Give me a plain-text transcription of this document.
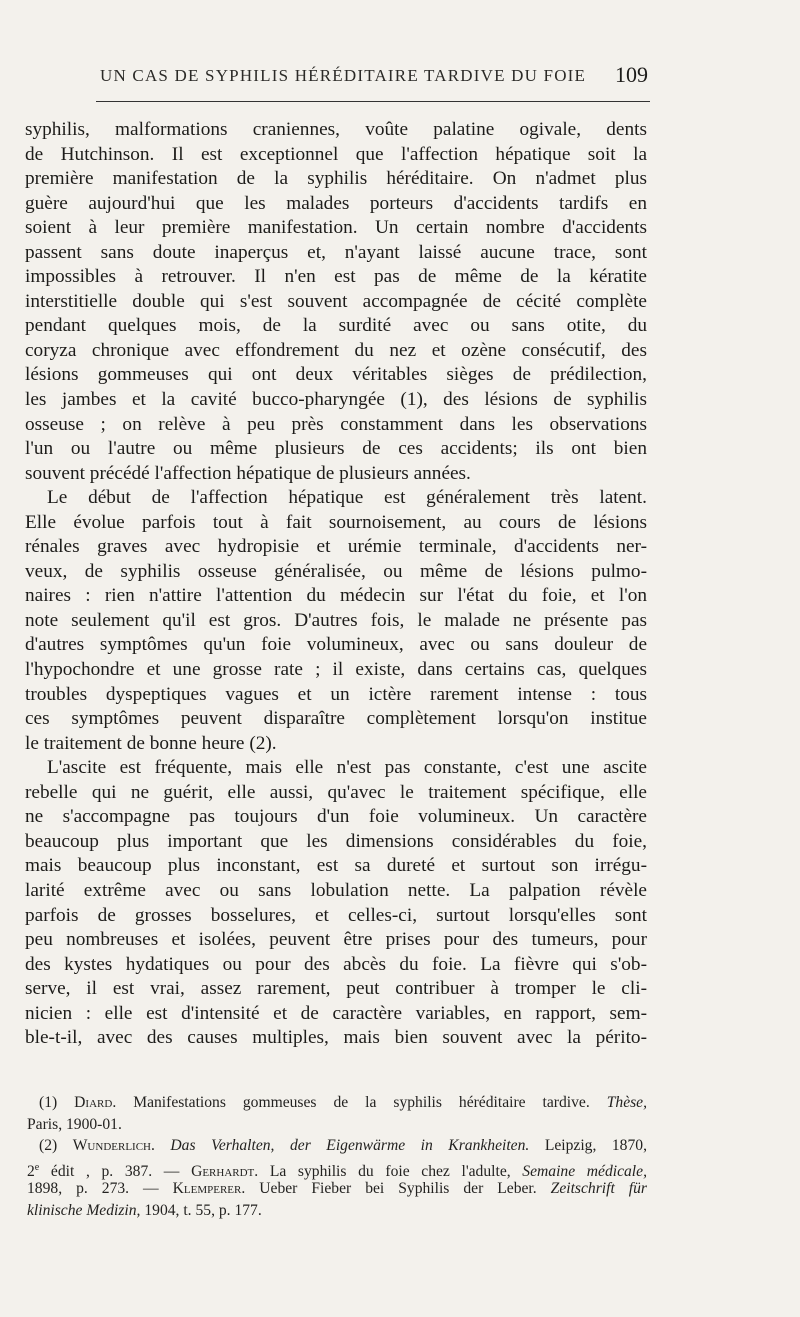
UN CAS DE SYPHILIS HÉRÉDITAIRE TARDIVE DU FOIE 109
syphilis, malformations craniennes, voûte palatine ogivale, dents
de Hutchinson. Il est exceptionnel que l'affection hépatique soit la
première manifestation de la syphilis héréditaire. On n'admet plus
guère aujourd'hui que les malades porteurs d'accidents tardifs en
soient à leur première manifestation. Un certain nombre d'accidents
passent sans doute inaperçus et, n'ayant laissé aucune trace, sont
impossibles à retrouver. Il n'en est pas de même de la kératite
interstitielle double qui s'est souvent accompagnée de cécité complète
pendant quelques mois, de la surdité avec ou sans otite, du
coryza chronique avec effondrement du nez et ozène consécutif, des
lésions gommeuses qui ont deux véritables sièges de prédilection,
les jambes et la cavité bucco-pharyngée (1), des lésions de syphilis
osseuse ; on relève à peu près constamment dans les observations
l'un ou l'autre ou même plusieurs de ces accidents; ils ont bien
souvent précédé l'affection hépatique de plusieurs années.
Le début de l'affection hépatique est généralement très latent.
Elle évolue parfois tout à fait sournoisement, au cours de lésions
rénales graves avec hydropisie et urémie terminale, d'accidents ner-
veux, de syphilis osseuse généralisée, ou même de lésions pulmo-
naires : rien n'attire l'attention du médecin sur l'état du foie, et l'on
note seulement qu'il est gros. D'autres fois, le malade ne présente pas
d'autres symptômes qu'un foie volumineux, avec ou sans douleur de
l'hypochondre et une grosse rate ; il existe, dans certains cas, quelques
troubles dyspeptiques vagues et un ictère rarement intense : tous
ces symptômes peuvent disparaître complètement lorsqu'on institue
le traitement de bonne heure (2).
L'ascite est fréquente, mais elle n'est pas constante, c'est une ascite
rebelle qui ne guérit, elle aussi, qu'avec le traitement spécifique, elle
ne s'accompagne pas toujours d'un foie volumineux. Un caractère
beaucoup plus important que les dimensions considérables du foie,
mais beaucoup plus inconstant, est sa dureté et surtout son irrégu-
larité extrême avec ou sans lobulation nette. La palpation révèle
parfois de grosses bosselures, et celles-ci, surtout lorsqu'elles sont
peu nombreuses et isolées, peuvent être prises pour des tumeurs, pour
des kystes hydatiques ou pour des abcès du foie. La fièvre qui s'ob-
serve, il est vrai, assez rarement, peut contribuer à tromper le cli-
nicien : elle est d'intensité et de caractère variables, en rapport, sem-
ble-t-il, avec des causes multiples, mais bien souvent avec la périto-
(1) Diard. Manifestations gommeuses de la syphilis héréditaire tardive. Thèse,
Paris, 1900-01.
(2) Wunderlich. Das Verhalten, der Eigenwärme in Krankheiten. Leipzig, 1870,
2e édit , p. 387. — Gerhardt. La syphilis du foie chez l'adulte, Semaine médicale,
1898, p. 273. — Klemperer. Ueber Fieber bei Syphilis der Leber. Zeitschrift für
klinische Medizin, 1904, t. 55, p. 177.
